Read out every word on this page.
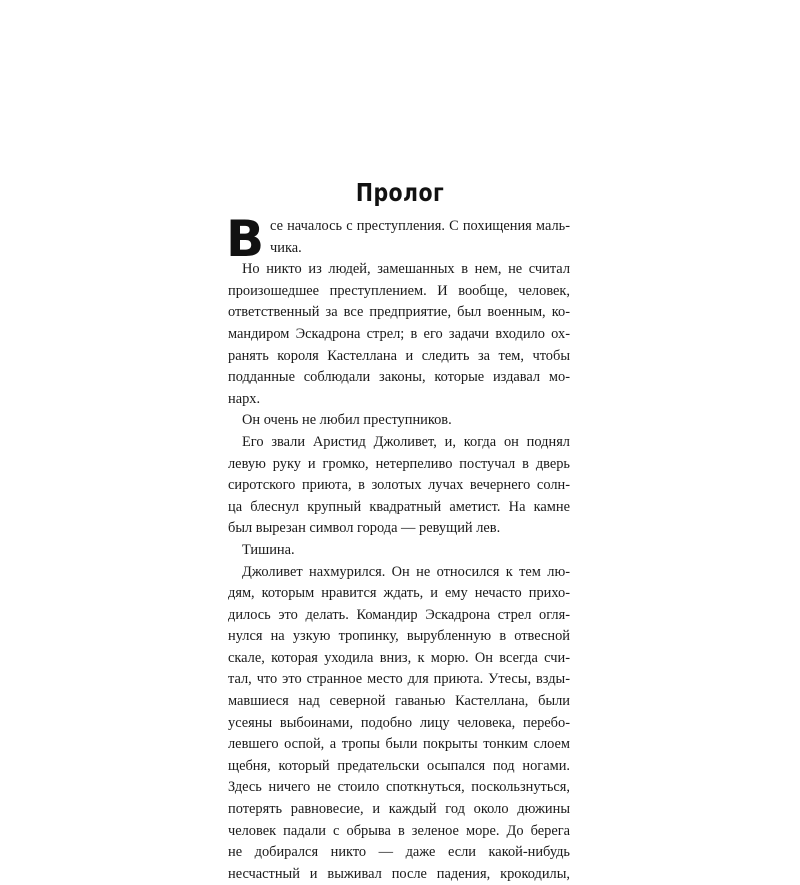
Пролог
В се началось с преступления. С похищения маль-
чика.
Но никто из людей, замешанных в нем, не считал
произошедшее преступлением. И вообще, человек,
ответственный за все предприятие, был военным, ко-
мандиром Эскадрона стрел; в его задачи входило ох-
ранять короля Кастеллана и следить за тем, чтобы
подданные соблюдали законы, которые издавал мо-
нарх.
Он очень не любил преступников.
Его звали Аристид Джоливет, и, когда он поднял
левую руку и громко, нетерпеливо постучал в дверь
сиротского приюта, в золотых лучах вечернего солн-
ца блеснул крупный квадратный аметист. На камне
был вырезан символ города — ревущий лев.
Тишина.
Джоливет нахмурился. Он не относился к тем лю-
дям, которым нравится ждать, и ему нечасто прихо-
дилось это делать. Командир Эскадрона стрел огля-
нулся на узкую тропинку, вырубленную в отвесной
скале, которая уходила вниз, к морю. Он всегда счи-
тал, что это странное место для приюта. Утесы, взды-
мавшиеся над северной гаванью Кастеллана, были
усеяны выбоинами, подобно лицу человека, перебо-
левшего оспой, а тропы были покрыты тонким слоем
щебня, который предательски осыпался под ногами.
Здесь ничего не стоило споткнуться, поскользнуться,
потерять равновесие, и каждый год около дюжины
человек падали с обрыва в зеленое море. До берега
не добирался никто — даже если какой-нибудь
несчастный и выживал после падения, крокодилы,
